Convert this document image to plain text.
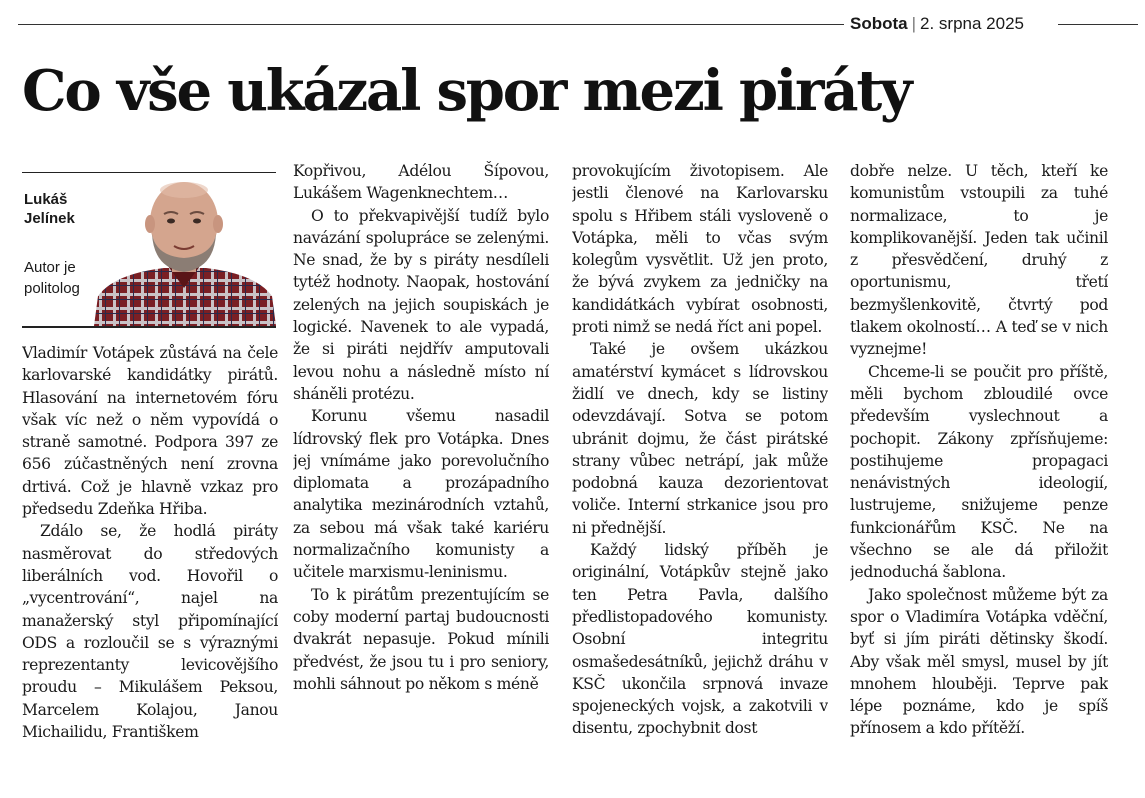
Sobota | 2. srpna 2025
Co vše ukázal spor mezi piráty
Lukáš
Jelínek
Autor je
politolog

Vladimír Votápek zůstává na čele karlovarské kandidátky pirátů. Hlasování na internetovém fóru však víc než o něm vypovídá o straně samotné. Podpora 397 ze 656 zúčastněných není zrovna drtivá. Což je hlavně vzkaz pro předsedu Zdeňka Hřiba.

Zdálo se, že hodlá piráty nasměrovat do středových liberálních vod. Hovořil o „vycentrování“, najel na manažerský styl připomínající ODS a rozloučil se s výraznými reprezentanty levicovějšího proudu – Mikulášem Peksou, Marcelem Kolajou, Janou Michailidu, Františkem

Kopřivou, Adélou Šípovou, Lukášem Wagenknechtem…

O to překvapivější tudíž bylo navázání spolupráce se zelenými. Ne snad, že by s piráty nesdíleli tytéž hodnoty. Naopak, hostování zelených na jejich soupiskách je logické. Navenek to ale vypadá, že si piráti nejdřív amputovali levou nohu a následně místo ní sháněli protézu.

Korunu všemu nasadil lídrovský flek pro Votápka. Dnes jej vnímáme jako porevolučního diplomata a prozápadního analytika mezinárodních vztahů, za sebou má však také kariéru normalizačního komunisty a učitele marxismu-leninismu.

To k pirátům prezentujícím se coby moderní partaj budoucnosti dvakrát nepasuje. Pokud mínili předvést, že jsou tu i pro seniory, mohli sáhnout po někom s méně

provokujícím životopisem. Ale jestli členové na Karlovarsku spolu s Hřibem stáli vysloveně o Votápka, měli to včas svým kolegům vysvětlit. Už jen proto, že bývá zvykem za jedničky na kandidátkách vybírat osobnosti, proti nimž se nedá říct ani popel.

Také je ovšem ukázkou amatérství kymácet s lídrovskou židlí ve dnech, kdy se listiny odevzdávají. Sotva se potom ubránit dojmu, že část pirátské strany vůbec netrápí, jak může podobná kauza dezorientovat voliče. Interní strkanice jsou pro ni přednější.

Každý lidský příběh je originální, Votápkův stejně jako ten Petra Pavla, dalšího předlistopadového komunisty. Osobní integritu osmašedesátníků, jejichž dráhu v KSČ ukončila srpnová invaze spojeneckých vojsk, a zakotvili v disentu, zpochybnit dost

dobře nelze. U těch, kteří ke komunistům vstoupili za tuhé normalizace, to je komplikovanější. Jeden tak učinil z přesvědčení, druhý z oportunismu, třetí bezmyšlenkovitě, čtvrtý pod tlakem okolností… A teď se v nich vyznejme!

Chceme-li se poučit pro příště, měli bychom zbloudilé ovce především vyslechnout a pochopit. Zákony zpřísňujeme: postihujeme propagaci nenávistných ideologií, lustrujeme, snižujeme penze funkcionářům KSČ. Ne na všechno se ale dá přiložit jednoduchá šablona.

Jako společnost můžeme být za spor o Vladimíra Votápka vděční, byť si jím piráti dětinsky škodí. Aby však měl smysl, musel by jít mnohem hlouběji. Teprve pak lépe poznáme, kdo je spíš přínosem a kdo přítěží.
